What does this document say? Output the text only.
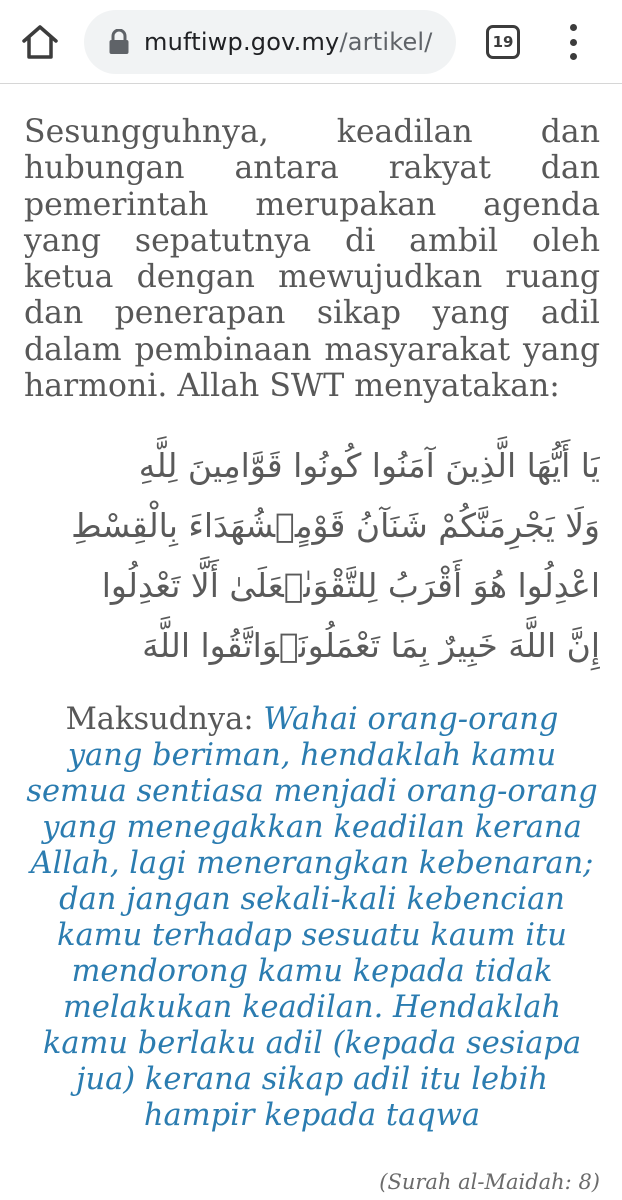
muftiwp.gov.my/artikel/	19

Sesungguhnya, keadilan dan hubungan antara rakyat dan pemerintah merupakan agenda yang sepatutnya di ambil oleh ketua dengan mewujudkan ruang dan penerapan sikap yang adil dalam pembinaan masyarakat yang harmoni. Allah SWT menyatakan:

يَا أَيُّهَا الَّذِينَ آمَنُوا كُونُوا قَوَّامِينَ لِلَّهِ
وَلَا يَجْرِمَنَّكُمْ شَنَآنُ قَوْمٍۖشُهَدَاءَ بِالْقِسْطِ
اعْدِلُوا هُوَ أَقْرَبُ لِلتَّقْوَىٰۖعَلَىٰ أَلَّا تَعْدِلُوا
إِنَّ اللَّهَ خَبِيرٌ بِمَا تَعْمَلُونَۚوَاتَّقُوا اللَّهَ

Maksudnya: Wahai orang-orang yang beriman, hendaklah kamu semua sentiasa menjadi orang-orang yang menegakkan keadilan kerana Allah, lagi menerangkan kebenaran; dan jangan sekali-kali kebencian kamu terhadap sesuatu kaum itu mendorong kamu kepada tidak melakukan keadilan. Hendaklah kamu berlaku adil (kepada sesiapa jua) kerana sikap adil itu lebih hampir kepada taqwa

(Surah al-Maidah: 8)
